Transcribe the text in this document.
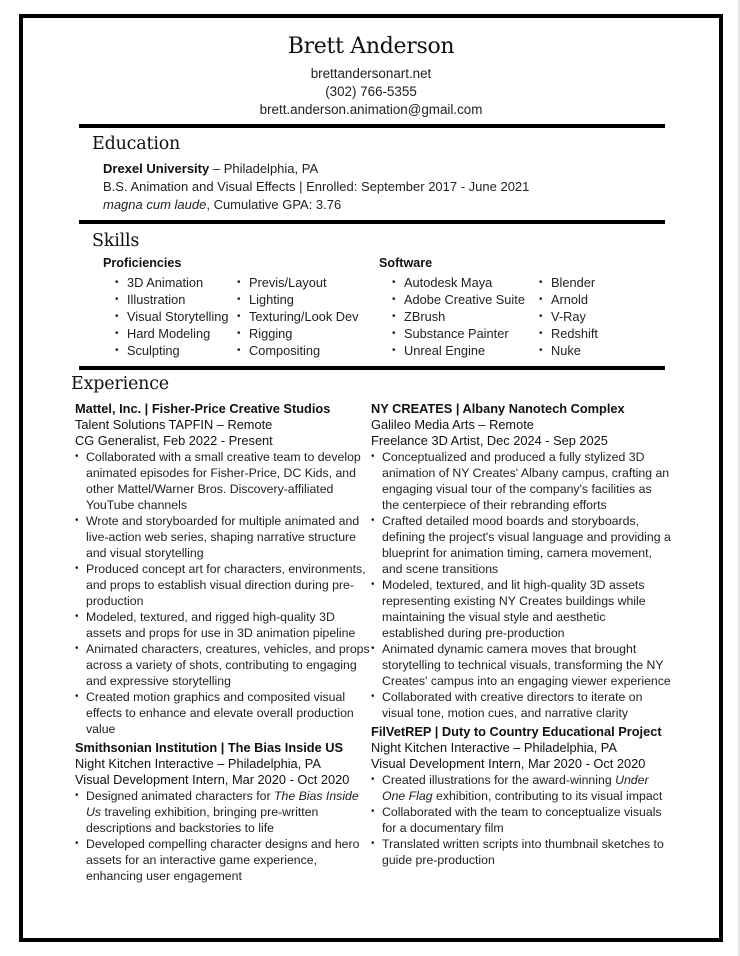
Brett Anderson
brettandersonart.net
(302) 766-5355
brett.anderson.animation@gmail.com
Education
Drexel University – Philadelphia, PA
B.S. Animation and Visual Effects | Enrolled: September 2017 - June 2021
magna cum laude, Cumulative GPA: 3.76
Skills
Proficiencies
• 3D Animation
• Illustration
• Visual Storytelling
• Hard Modeling
• Sculpting
• Previs/Layout
• Lighting
• Texturing/Look Dev
• Rigging
• Compositing
Software
• Autodesk Maya
• Adobe Creative Suite
• ZBrush
• Substance Painter
• Unreal Engine
• Blender
• Arnold
• V-Ray
• Redshift
• Nuke
Experience
Mattel, Inc. | Fisher-Price Creative Studios
Talent Solutions TAPFIN – Remote
CG Generalist, Feb 2022 - Present
• Collaborated with a small creative team to develop animated episodes for Fisher-Price, DC Kids, and other Mattel/Warner Bros. Discovery-affiliated YouTube channels
• Wrote and storyboarded for multiple animated and live-action web series, shaping narrative structure and visual storytelling
• Produced concept art for characters, environments, and props to establish visual direction during pre-production
• Modeled, textured, and rigged high-quality 3D assets and props for use in 3D animation pipeline
• Animated characters, creatures, vehicles, and props across a variety of shots, contributing to engaging and expressive storytelling
• Created motion graphics and composited visual effects to enhance and elevate overall production value
Smithsonian Institution | The Bias Inside US
Night Kitchen Interactive – Philadelphia, PA
Visual Development Intern, Mar 2020 - Oct 2020
• Designed animated characters for The Bias Inside Us traveling exhibition, bringing pre-written descriptions and backstories to life
• Developed compelling character designs and hero assets for an interactive game experience, enhancing user engagement
NY CREATES | Albany Nanotech Complex
Galileo Media Arts – Remote
Freelance 3D Artist, Dec 2024 - Sep 2025
• Conceptualized and produced a fully stylized 3D animation of NY Creates' Albany campus, crafting an engaging visual tour of the company's facilities as the centerpiece of their rebranding efforts
• Crafted detailed mood boards and storyboards, defining the project's visual language and providing a blueprint for animation timing, camera movement, and scene transitions
• Modeled, textured, and lit high-quality 3D assets representing existing NY Creates buildings while maintaining the visual style and aesthetic established during pre-production
• Animated dynamic camera moves that brought storytelling to technical visuals, transforming the NY Creates' campus into an engaging viewer experience
• Collaborated with creative directors to iterate on visual tone, motion cues, and narrative clarity
FilVetREP | Duty to Country Educational Project
Night Kitchen Interactive – Philadelphia, PA
Visual Development Intern, Mar 2020 - Oct 2020
• Created illustrations for the award-winning Under One Flag exhibition, contributing to its visual impact
• Collaborated with the team to conceptualize visuals for a documentary film
• Translated written scripts into thumbnail sketches to guide pre-production
